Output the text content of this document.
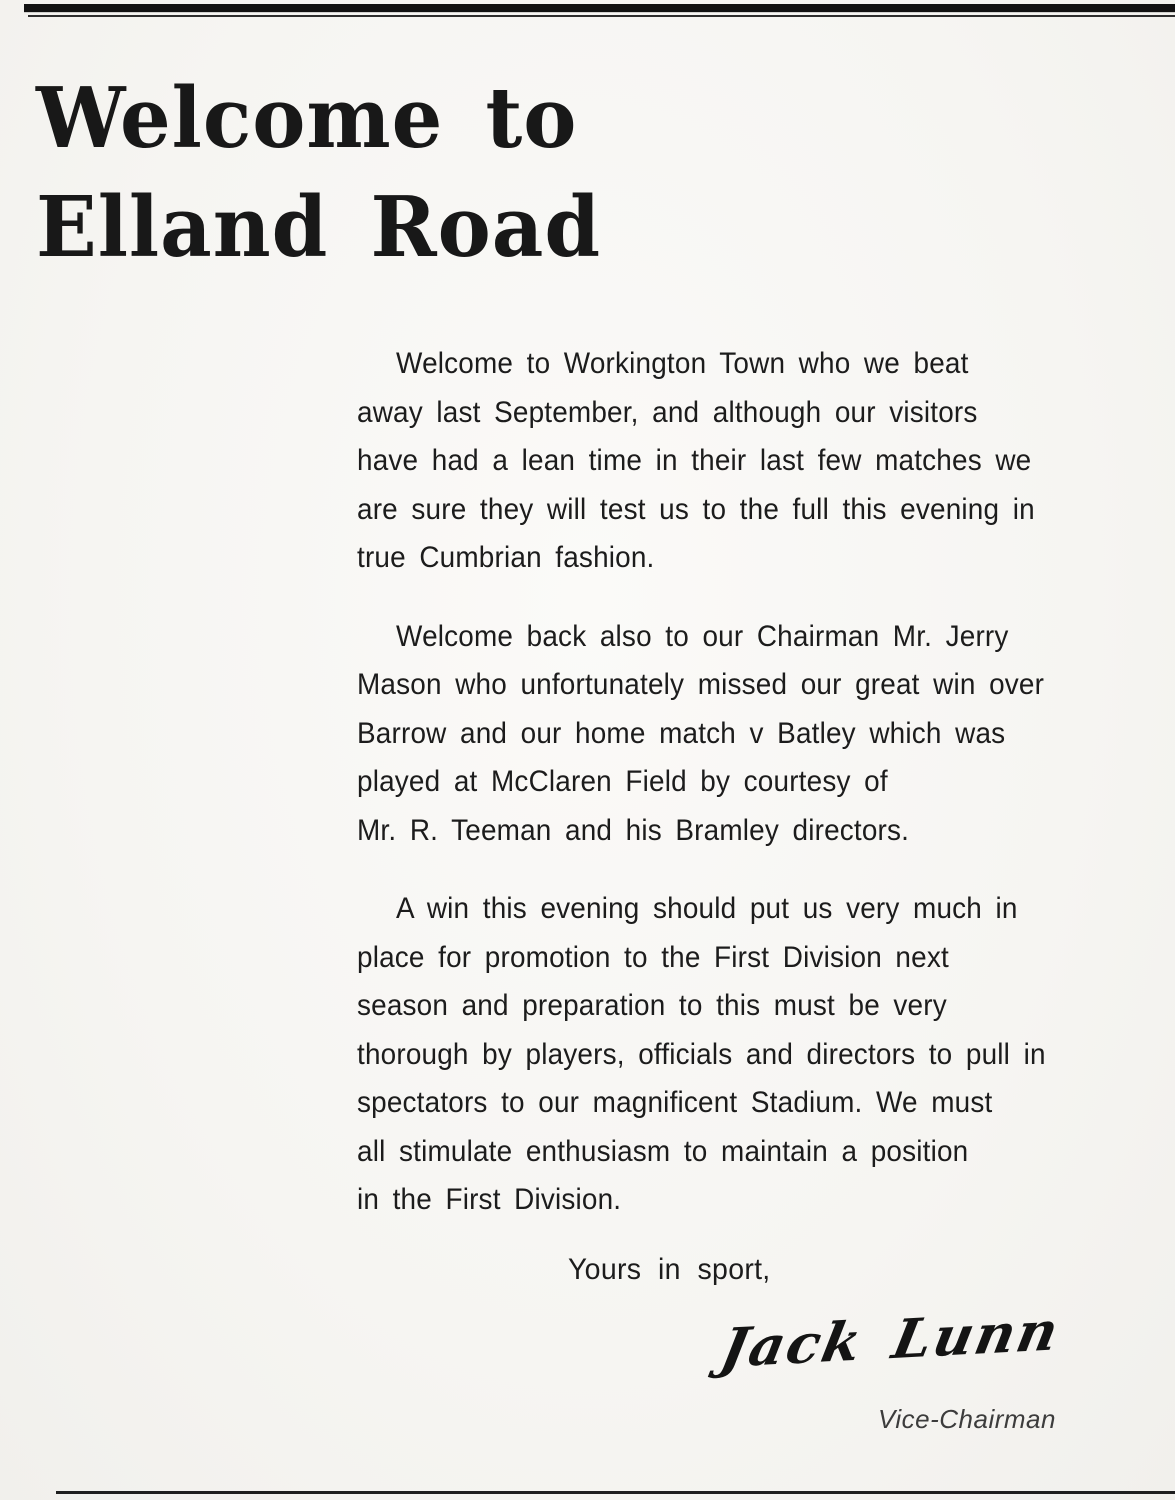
Welcome to
Elland Road
Welcome to Workington Town who we beat
away last September, and although our visitors
have had a lean time in their last few matches we
are sure they will test us to the full this evening in
true Cumbrian fashion.
Welcome back also to our Chairman Mr. Jerry
Mason who unfortunately missed our great win over
Barrow and our home match v Batley which was
played at McClaren Field by courtesy of
Mr. R. Teeman and his Bramley directors.
A win this evening should put us very much in
place for promotion to the First Division next
season and preparation to this must be very
thorough by players, officials and directors to pull in
spectators to our magnificent Stadium. We must
all stimulate enthusiasm to maintain a position
in the First Division.
Yours in sport,
Jack Lunn
Vice-Chairman
